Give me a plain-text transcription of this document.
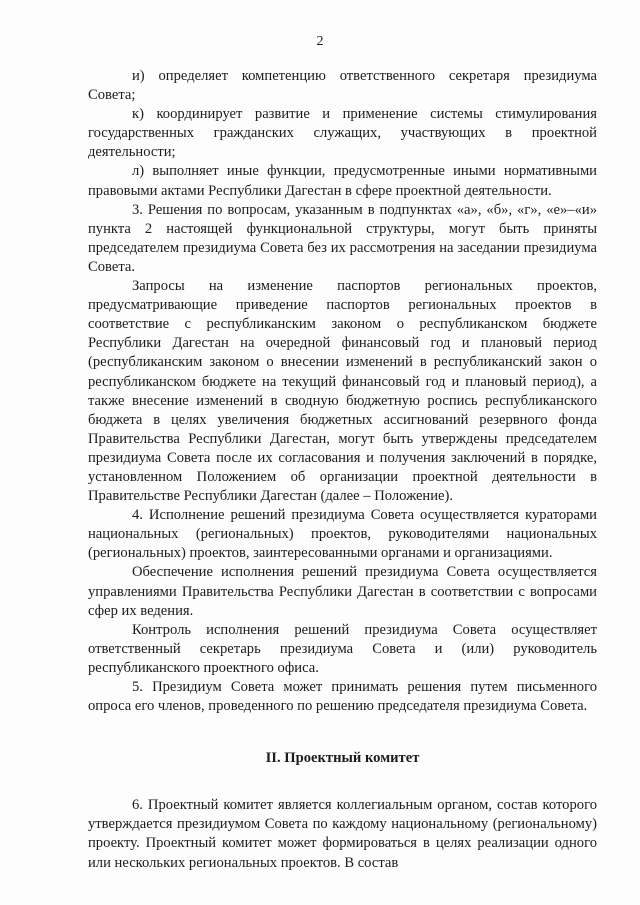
2

и) определяет компетенцию ответственного секретаря президиума Совета;

к) координирует развитие и применение системы стимулирования государственных гражданских служащих, участвующих в проектной деятельности;

л) выполняет иные функции, предусмотренные иными нормативными правовыми актами Республики Дагестан в сфере проектной деятельности.

3. Решения по вопросам, указанным в подпунктах «а», «б», «г», «е»–«и» пункта 2 настоящей функциональной структуры, могут быть приняты председателем президиума Совета без их рассмотрения на заседании президиума Совета.

Запросы на изменение паспортов региональных проектов, предусматривающие приведение паспортов региональных проектов в соответствие с республиканским законом о республиканском бюджете Республики Дагестан на очередной финансовый год и плановый период (республиканским законом о внесении изменений в республиканский закон о республиканском бюджете на текущий финансовый год и плановый период), а также внесение изменений в сводную бюджетную роспись республиканского бюджета в целях увеличения бюджетных ассигнований резервного фонда Правительства Республики Дагестан, могут быть утверждены председателем президиума Совета после их согласования и получения заключений в порядке, установленном Положением об организации проектной деятельности в Правительстве Республики Дагестан (далее – Положение).

4. Исполнение решений президиума Совета осуществляется кураторами национальных (региональных) проектов, руководителями национальных (региональных) проектов, заинтересованными органами и организациями.

Обеспечение исполнения решений президиума Совета осуществляется управлениями Правительства Республики Дагестан в соответствии с вопросами сфер их ведения.

Контроль исполнения решений президиума Совета осуществляет ответственный секретарь президиума Совета и (или) руководитель республиканского проектного офиса.

5. Президиум Совета может принимать решения путем письменного опроса его членов, проведенного по решению председателя президиума Совета.

II. Проектный комитет

6. Проектный комитет является коллегиальным органом, состав которого утверждается президиумом Совета по каждому национальному (региональному) проекту. Проектный комитет может формироваться в целях реализации одного или нескольких региональных проектов. В состав
